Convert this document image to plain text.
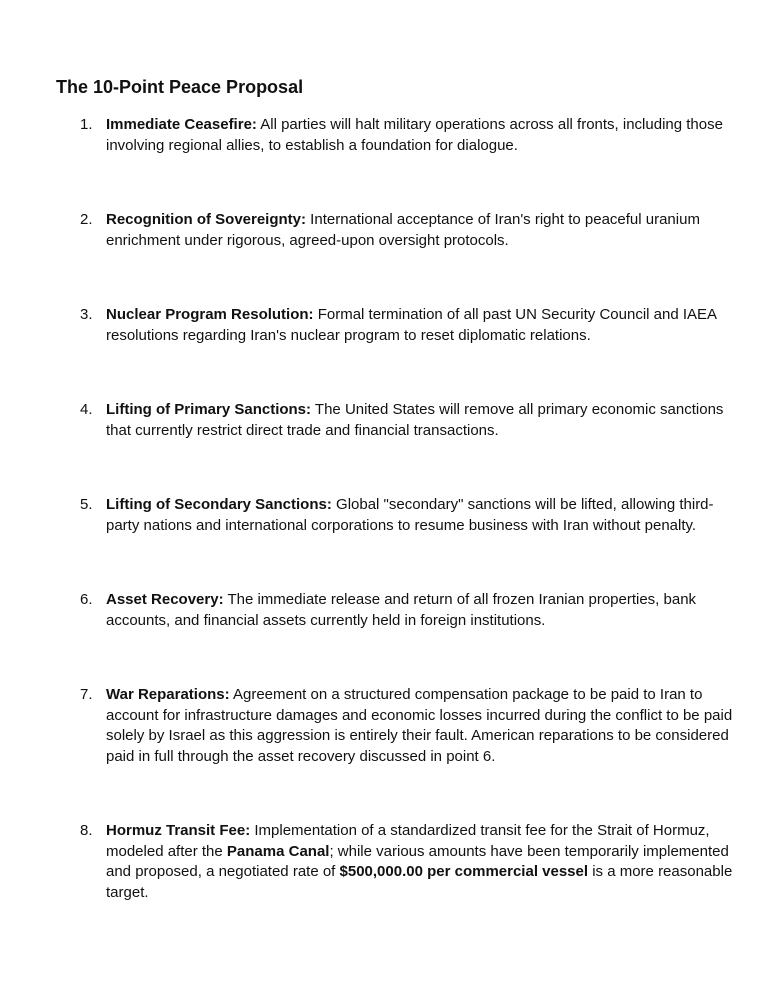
The 10-Point Peace Proposal
1. Immediate Ceasefire: All parties will halt military operations across all fronts, including those involving regional allies, to establish a foundation for dialogue.
2. Recognition of Sovereignty: International acceptance of Iran's right to peaceful uranium enrichment under rigorous, agreed-upon oversight protocols.
3. Nuclear Program Resolution: Formal termination of all past UN Security Council and IAEA resolutions regarding Iran's nuclear program to reset diplomatic relations.
4. Lifting of Primary Sanctions: The United States will remove all primary economic sanctions that currently restrict direct trade and financial transactions.
5. Lifting of Secondary Sanctions: Global "secondary" sanctions will be lifted, allowing third-party nations and international corporations to resume business with Iran without penalty.
6. Asset Recovery: The immediate release and return of all frozen Iranian properties, bank accounts, and financial assets currently held in foreign institutions.
7. War Reparations: Agreement on a structured compensation package to be paid to Iran to account for infrastructure damages and economic losses incurred during the conflict to be paid solely by Israel as this aggression is entirely their fault. American reparations to be considered paid in full through the asset recovery discussed in point 6.
8. Hormuz Transit Fee: Implementation of a standardized transit fee for the Strait of Hormuz, modeled after the Panama Canal; while various amounts have been temporarily implemented and proposed, a negotiated rate of $500,000.00 per commercial vessel is a more reasonable target.
